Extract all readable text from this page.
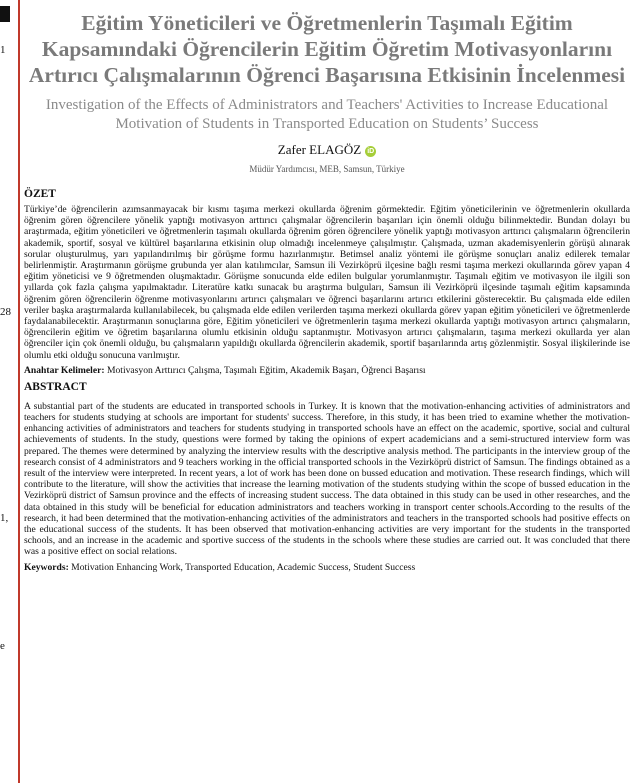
1
28
1,
e
Eğitim Yöneticileri ve Öğretmenlerin Taşımalı Eğitim Kapsamındaki Öğrencilerin Eğitim Öğretim Motivasyonlarını Artırıcı Çalışmalarının Öğrenci Başarısına Etkisinin İncelenmesi
Investigation of the Effects of Administrators and Teachers' Activities to Increase Educational Motivation of Students in Transported Education on Students’ Success
Zafer ELAGÖZ iD
Müdür Yardımcısı, MEB, Samsun, Türkiye
ÖZET

Türkiye’de öğrencilerin azımsanmayacak bir kısmı taşıma merkezi okullarda öğrenim görmektedir. Eğitim yöneticilerinin ve öğretmenlerin okullarda öğrenim gören öğrencilere yönelik yaptığı motivasyon arttırıcı çalışmalar öğrencilerin başarıları için önemli olduğu bilinmektedir. Bundan dolayı bu araştırmada, eğitim yöneticileri ve öğretmenlerin taşımalı okullarda öğrenim gören öğrencilere yönelik yaptığı motivasyon arttırıcı çalışmaların öğrencilerin akademik, sportif, sosyal ve kültürel başarılarına etkisinin olup olmadığı incelenmeye çalışılmıştır. Çalışmada, uzman akademisyenlerin görüşü alınarak sorular oluşturulmuş, yarı yapılandırılmış bir görüşme formu hazırlanmıştır. Betimsel analiz yöntemi ile görüşme sonuçları analiz edilerek temalar belirlenmiştir. Araştırmanın görüşme grubunda yer alan katılımcılar, Samsun ili Vezirköprü ilçesine bağlı resmi taşıma merkezi okullarında görev yapan 4 eğitim yöneticisi ve 9 öğretmenden oluşmaktadır. Görüşme sonucunda elde edilen bulgular yorumlanmıştır. Taşımalı eğitim ve motivasyon ile ilgili son yıllarda çok fazla çalışma yapılmaktadır. Literatüre katkı sunacak bu araştırma bulguları, Samsun ili Vezirköprü ilçesinde taşımalı eğitim kapsamında öğrenim gören öğrencilerin öğrenme motivasyonlarını artırıcı çalışmaları ve öğrenci başarılarını artırıcı etkilerini gösterecektir. Bu çalışmada elde edilen veriler başka araştırmalarda kullanılabilecek, bu çalışmada elde edilen verilerden taşıma merkezi okullarda görev yapan eğitim yöneticileri ve öğretmenlerde faydalanabilecektir. Araştırmanın sonuçlarına göre, Eğitim yöneticileri ve öğretmenlerin taşıma merkezi okullarda yaptığı motivasyon artırıcı çalışmaların, öğrencilerin eğitim ve öğretim başarılarına olumlu etkisinin olduğu saptanmıştır. Motivasyon artırıcı çalışmaların, taşıma merkezi okullarda yer alan öğrenciler için çok önemli olduğu, bu çalışmaların yapıldığı okullarda öğrencilerin akademik, sportif başarılarında artış gözlenmiştir. Sosyal ilişkilerinde ise olumlu etki olduğu sonucuna varılmıştır.

Anahtar Kelimeler: Motivasyon Arttırıcı Çalışma, Taşımalı Eğitim, Akademik Başarı, Öğrenci Başarısı

ABSTRACT

A substantial part of the students are educated in transported schools in Turkey. It is known that the motivation-enhancing activities of administrators and teachers for students studying at schools are important for students' success. Therefore, in this study, it has been tried to examine whether the motivation-enhancing activities of administrators and teachers for students studying in transported schools have an effect on the academic, sportive, social and cultural achievements of students. In the study, questions were formed by taking the opinions of expert academicians and a semi-structured interview form was prepared. The themes were determined by analyzing the interview results with the descriptive analysis method. The participants in the interview group of the research consist of 4 administrators and 9 teachers working in the official transported schools in the Vezirköprü district of Samsun. The findings obtained as a result of the interview were interpreted. In recent years, a lot of work has been done on bussed education and motivation. These research findings, which will contribute to the literature, will show the activities that increase the learning motivation of the students studying within the scope of bussed education in the Vezirköprü district of Samsun province and the effects of increasing student success. The data obtained in this study can be used in other researches, and the data obtained in this study will be beneficial for education administrators and teachers working in transport center schools.According to the results of the research, it had been determined that the motivation-enhancing activities of the administrators and teachers in the transported schools had positive effects on the educational success of the students. It has been observed that motivation-enhancing activities are very important for the students in the transported schools, and an increase in the academic and sportive success of the students in the schools where these studies are carried out. It was concluded that there was a positive effect on social relations.

Keywords: Motivation Enhancing Work, Transported Education, Academic Success, Student Success
